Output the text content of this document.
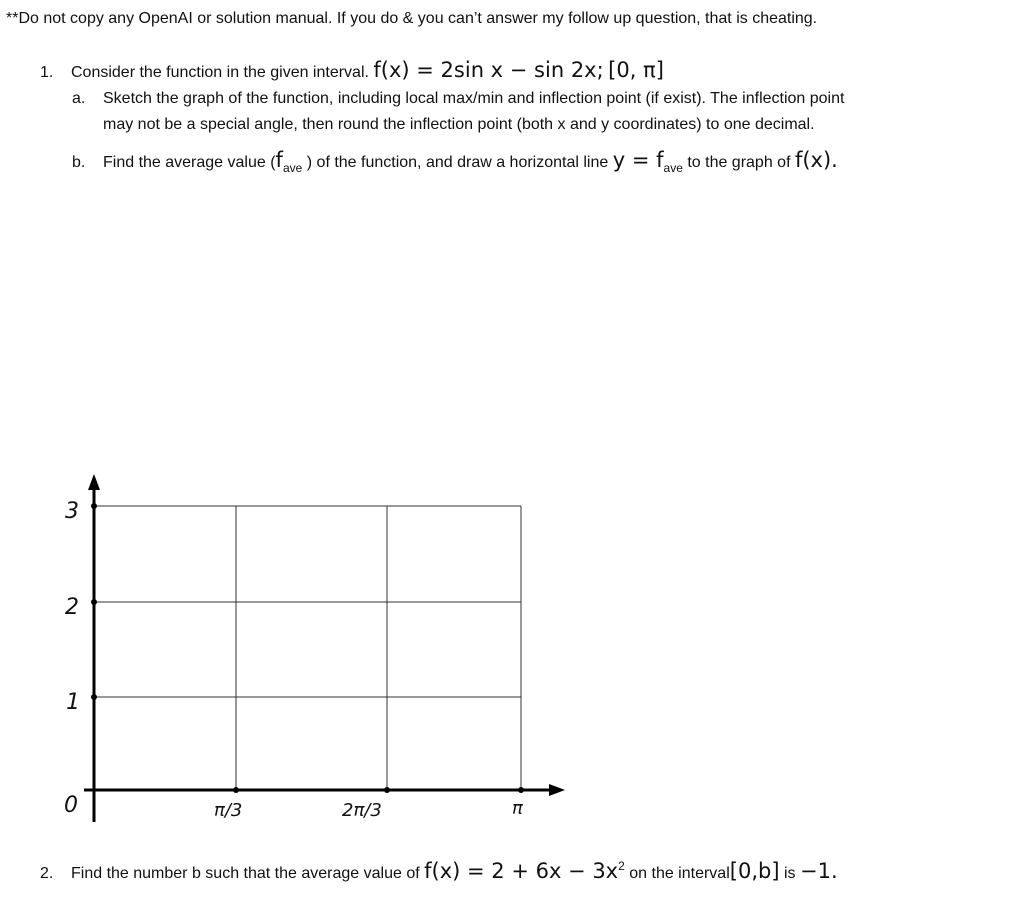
**Do not copy any OpenAI or solution manual. If you do & you can’t answer my follow up question, that is cheating.
1. Consider the function in the given interval. f(x) = 2sin x − sin 2x; [0, π]
a. Sketch the graph of the function, including local max/min and inflection point (if exist). The inflection point
may not be a special angle, then round the inflection point (both x and y coordinates) to one decimal.
b. Find the average value ($f_{ave}$ ) of the function, and draw a horizontal line $y = f_{ave}$ to the graph of f(x).
3
2
1
0	π/3	2π/3	π
2. Find the number b such that the average value of $f(x) = 2 + 6x - 3x^2$ on the interval[0,b] is −1.
